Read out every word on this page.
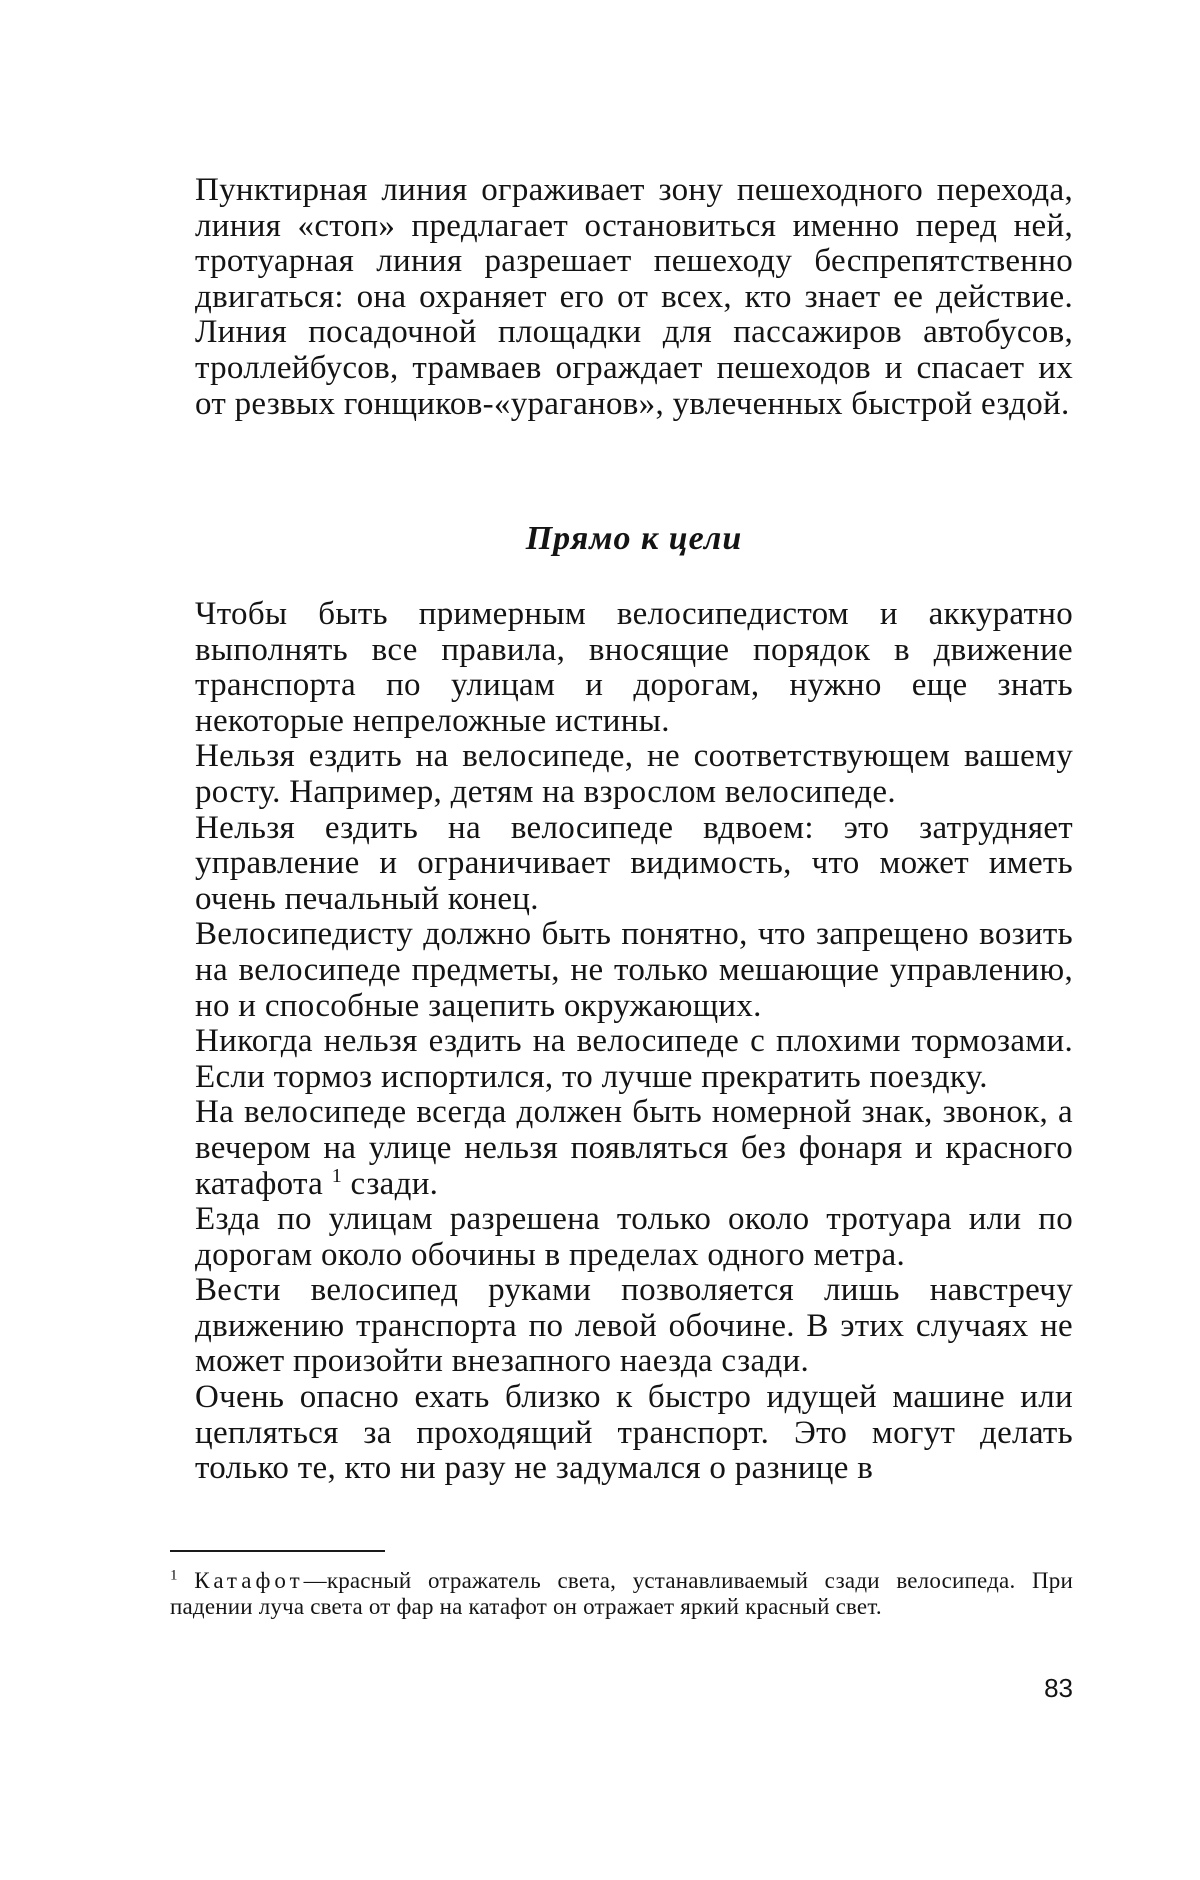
Пунктирная линия ограживает зону пешеходного перехода, линия «стоп» предлагает остановиться именно перед ней, тротуарная линия разрешает пешеходу беспрепятственно двигаться: она охраняет его от всех, кто знает ее действие. Линия посадочной площадки для пассажиров автобусов, троллейбусов, трамваев ограждает пешеходов и спасает их от резвых гонщиков-«ураганов», увлеченных быстрой ездой.

Прямо к цели

Чтобы быть примерным велосипедистом и аккуратно выполнять все правила, вносящие порядок в движение транспорта по улицам и дорогам, нужно еще знать некоторые непреложные истины.

Нельзя ездить на велосипеде, не соответствующем вашему росту. Например, детям на взрослом велосипеде.

Нельзя ездить на велосипеде вдвоем: это затрудняет управление и ограничивает видимость, что может иметь очень печальный конец.

Велосипедисту должно быть понятно, что запрещено возить на велосипеде предметы, не только мешающие управлению, но и способные зацепить окружающих.

Никогда нельзя ездить на велосипеде с плохими тормозами. Если тормоз испортился, то лучше прекратить поездку.

На велосипеде всегда должен быть номерной знак, звонок, а вечером на улице нельзя появляться без фонаря и красного катафота 1 сзади.

Езда по улицам разрешена только около тротуара или по дорогам около обочины в пределах одного метра.

Вести велосипед руками позволяется лишь навстречу движению транспорта по левой обочине. В этих случаях не может произойти внезапного наезда сзади.

Очень опасно ехать близко к быстро идущей машине или цепляться за проходящий транспорт. Это могут делать только те, кто ни разу не задумался о разнице в

1 Катафот—красный отражатель света, устанавливаемый сзади велосипеда. При падении луча света от фар на катафот он отражает яркий красный свет.
83
